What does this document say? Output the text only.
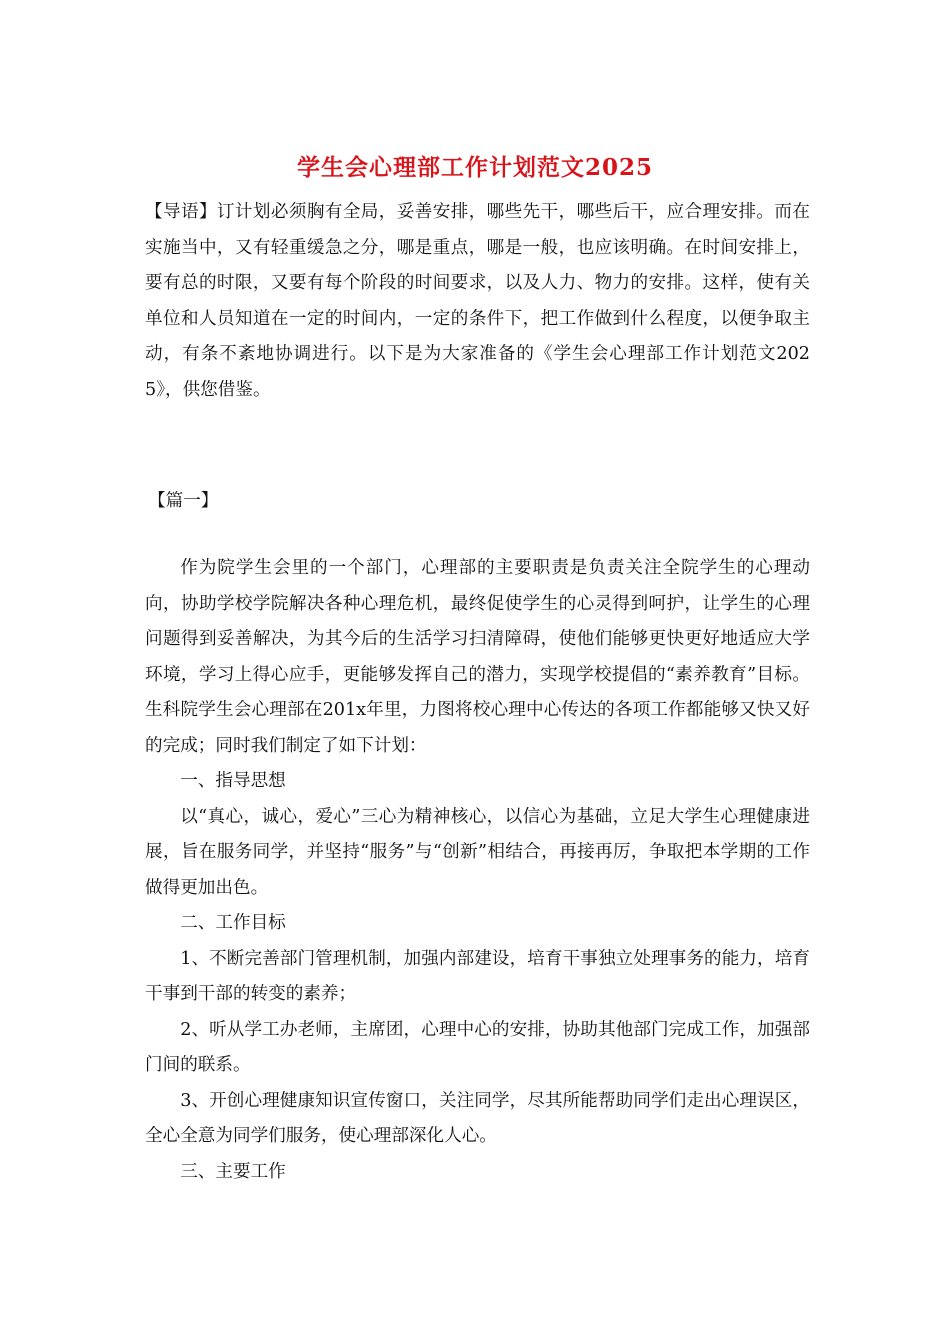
学生会心理部工作计划范文2025

【导语】订计划必须胸有全局，妥善安排，哪些先干，哪些后干，应合理安排。而在实施当中，又有轻重缓急之分，哪是重点，哪是一般，也应该明确。在时间安排上，要有总的时限，又要有每个阶段的时间要求，以及人力、物力的安排。这样，使有关单位和人员知道在一定的时间内，一定的条件下，把工作做到什么程度，以便争取主动，有条不紊地协调进行。以下是为大家准备的《学生会心理部工作计划范文2025》，供您借鉴。

【篇一】

作为院学生会里的一个部门，心理部的主要职责是负责关注全院学生的心理动向，协助学校学院解决各种心理危机，最终促使学生的心灵得到呵护，让学生的心理问题得到妥善解决，为其今后的生活学习扫清障碍，使他们能够更快更好地适应大学环境，学习上得心应手，更能够发挥自己的潜力，实现学校提倡的“素养教育”目标。生科院学生会心理部在201x年里，力图将校心理中心传达的各项工作都能够又快又好的完成；同时我们制定了如下计划：

一、指导思想

以“真心，诚心，爱心”三心为精神核心，以信心为基础，立足大学生心理健康进展，旨在服务同学，并坚持“服务”与“创新”相结合，再接再厉，争取把本学期的工作做得更加出色。

二、工作目标

1、不断完善部门管理机制，加强内部建设，培育干事独立处理事务的能力，培育干事到干部的转变的素养；

2、听从学工办老师，主席团，心理中心的安排，协助其他部门完成工作，加强部门间的联系。

3、开创心理健康知识宣传窗口，关注同学，尽其所能帮助同学们走出心理误区，全心全意为同学们服务，使心理部深化人心。

三、主要工作
